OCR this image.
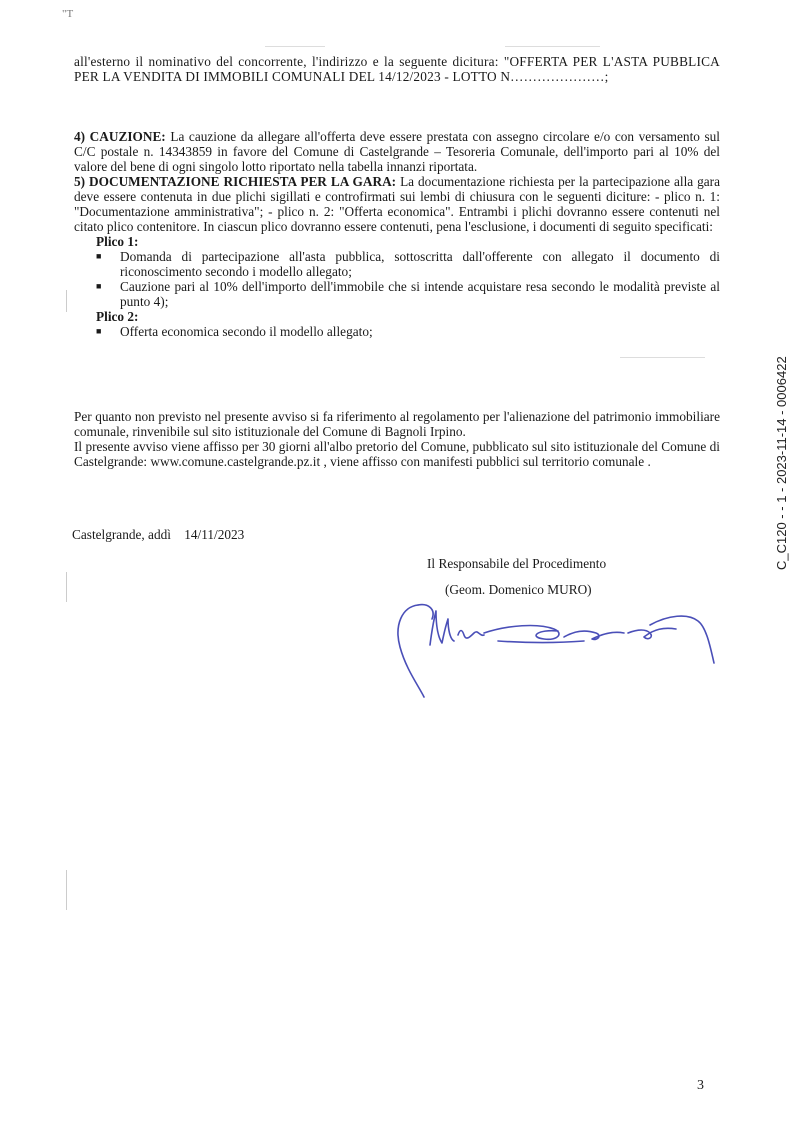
"T

all'esterno il nominativo del concorrente, l'indirizzo e la seguente dicitura: "OFFERTA PER L'ASTA PUBBLICA PER LA VENDITA DI IMMOBILI COMUNALI DEL 14/12/2023 - LOTTO N…………………;

4) CAUZIONE: La cauzione da allegare all'offerta deve essere prestata con assegno circolare e/o con versamento sul C/C postale n. 14343859 in favore del Comune di Castelgrande – Tesoreria Comunale, dell'importo pari al 10% del valore del bene di ogni singolo lotto riportato nella tabella innanzi riportata.

5) DOCUMENTAZIONE RICHIESTA PER LA GARA: La documentazione richiesta per la partecipazione alla gara deve essere contenuta in due plichi sigillati e controfirmati sui lembi di chiusura con le seguenti diciture: - plico n. 1: "Documentazione amministrativa"; - plico n. 2: "Offerta economica". Entrambi i plichi dovranno essere contenuti nel citato plico contenitore. In ciascun plico dovranno essere contenuti, pena l'esclusione, i documenti di seguito specificati:

Plico 1:

■ Domanda di partecipazione all'asta pubblica, sottoscritta dall'offerente con allegato il documento di riconoscimento secondo i modello allegato;

■ Cauzione pari al 10% dell'importo dell'immobile che si intende acquistare resa secondo le modalità previste al punto 4);

Plico 2:

■ Offerta economica secondo il modello allegato;

Per quanto non previsto nel presente avviso si fa riferimento al regolamento per l'alienazione del patrimonio immobiliare comunale, rinvenibile sul sito istituzionale del Comune di Bagnoli Irpino.

Il presente avviso viene affisso per 30 giorni all'albo pretorio del Comune, pubblicato sul sito istituzionale del Comune di Castelgrande: www.comune.castelgrande.pz.it , viene affisso con manifesti pubblici sul territorio comunale .

Castelgrande, addì    14/11/2023
Il Responsabile del Procedimento
(Geom. Domenico MURO)
C_C120 - - 1 - 2023-11-14 - 0006422
3
